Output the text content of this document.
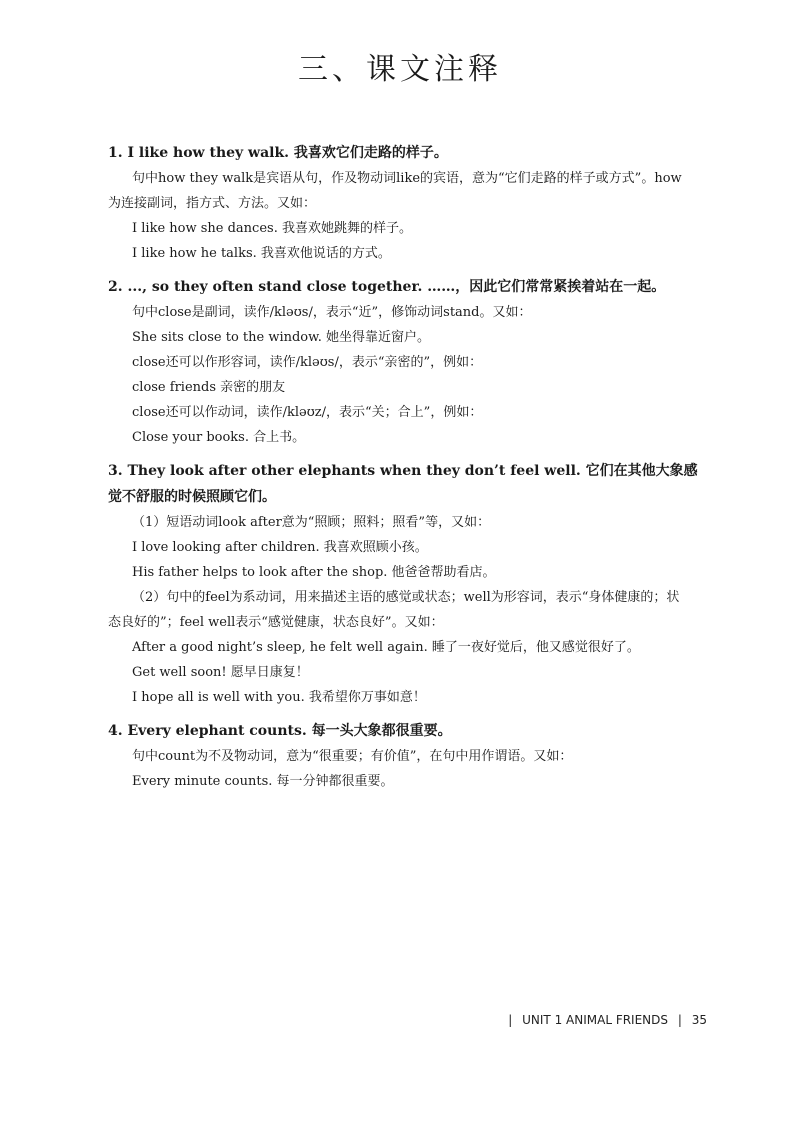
三、课文注释

1. I like how they walk. 我喜欢它们走路的样子。

句中how they walk是宾语从句，作及物动词like的宾语，意为“它们走路的样子或方式”。how

为连接副词，指方式、方法。又如：

I like how she dances. 我喜欢她跳舞的样子。

I like how he talks. 我喜欢他说话的方式。

2. ..., so they often stand close together. ……，因此它们常常紧挨着站在一起。

句中close是副词，读作/kləʊs/，表示“近”，修饰动词stand。又如：

She sits close to the window. 她坐得靠近窗户。

close还可以作形容词，读作/kləʊs/，表示“亲密的”，例如：

close friends 亲密的朋友

close还可以作动词，读作/kləʊz/，表示“关；合上”，例如：

Close your books. 合上书。

3. They look after other elephants when they don’t feel well. 它们在其他大象感觉不舒服的时候照顾它们。

（1）短语动词look after意为“照顾；照料；照看”等，又如：

I love looking after children. 我喜欢照顾小孩。

His father helps to look after the shop. 他爸爸帮助看店。

（2）句中的feel为系动词，用来描述主语的感觉或状态；well为形容词，表示“身体健康的；状

态良好的”；feel well表示“感觉健康，状态良好”。又如：

After a good night’s sleep, he felt well again. 睡了一夜好觉后，他又感觉很好了。

Get well soon! 愿早日康复！

I hope all is well with you. 我希望你万事如意！

4. Every elephant counts. 每一头大象都很重要。

句中count为不及物动词，意为“很重要；有价值”，在句中用作谓语。又如：

Every minute counts. 每一分钟都很重要。

| UNIT 1 ANIMAL FRIENDS | 35
